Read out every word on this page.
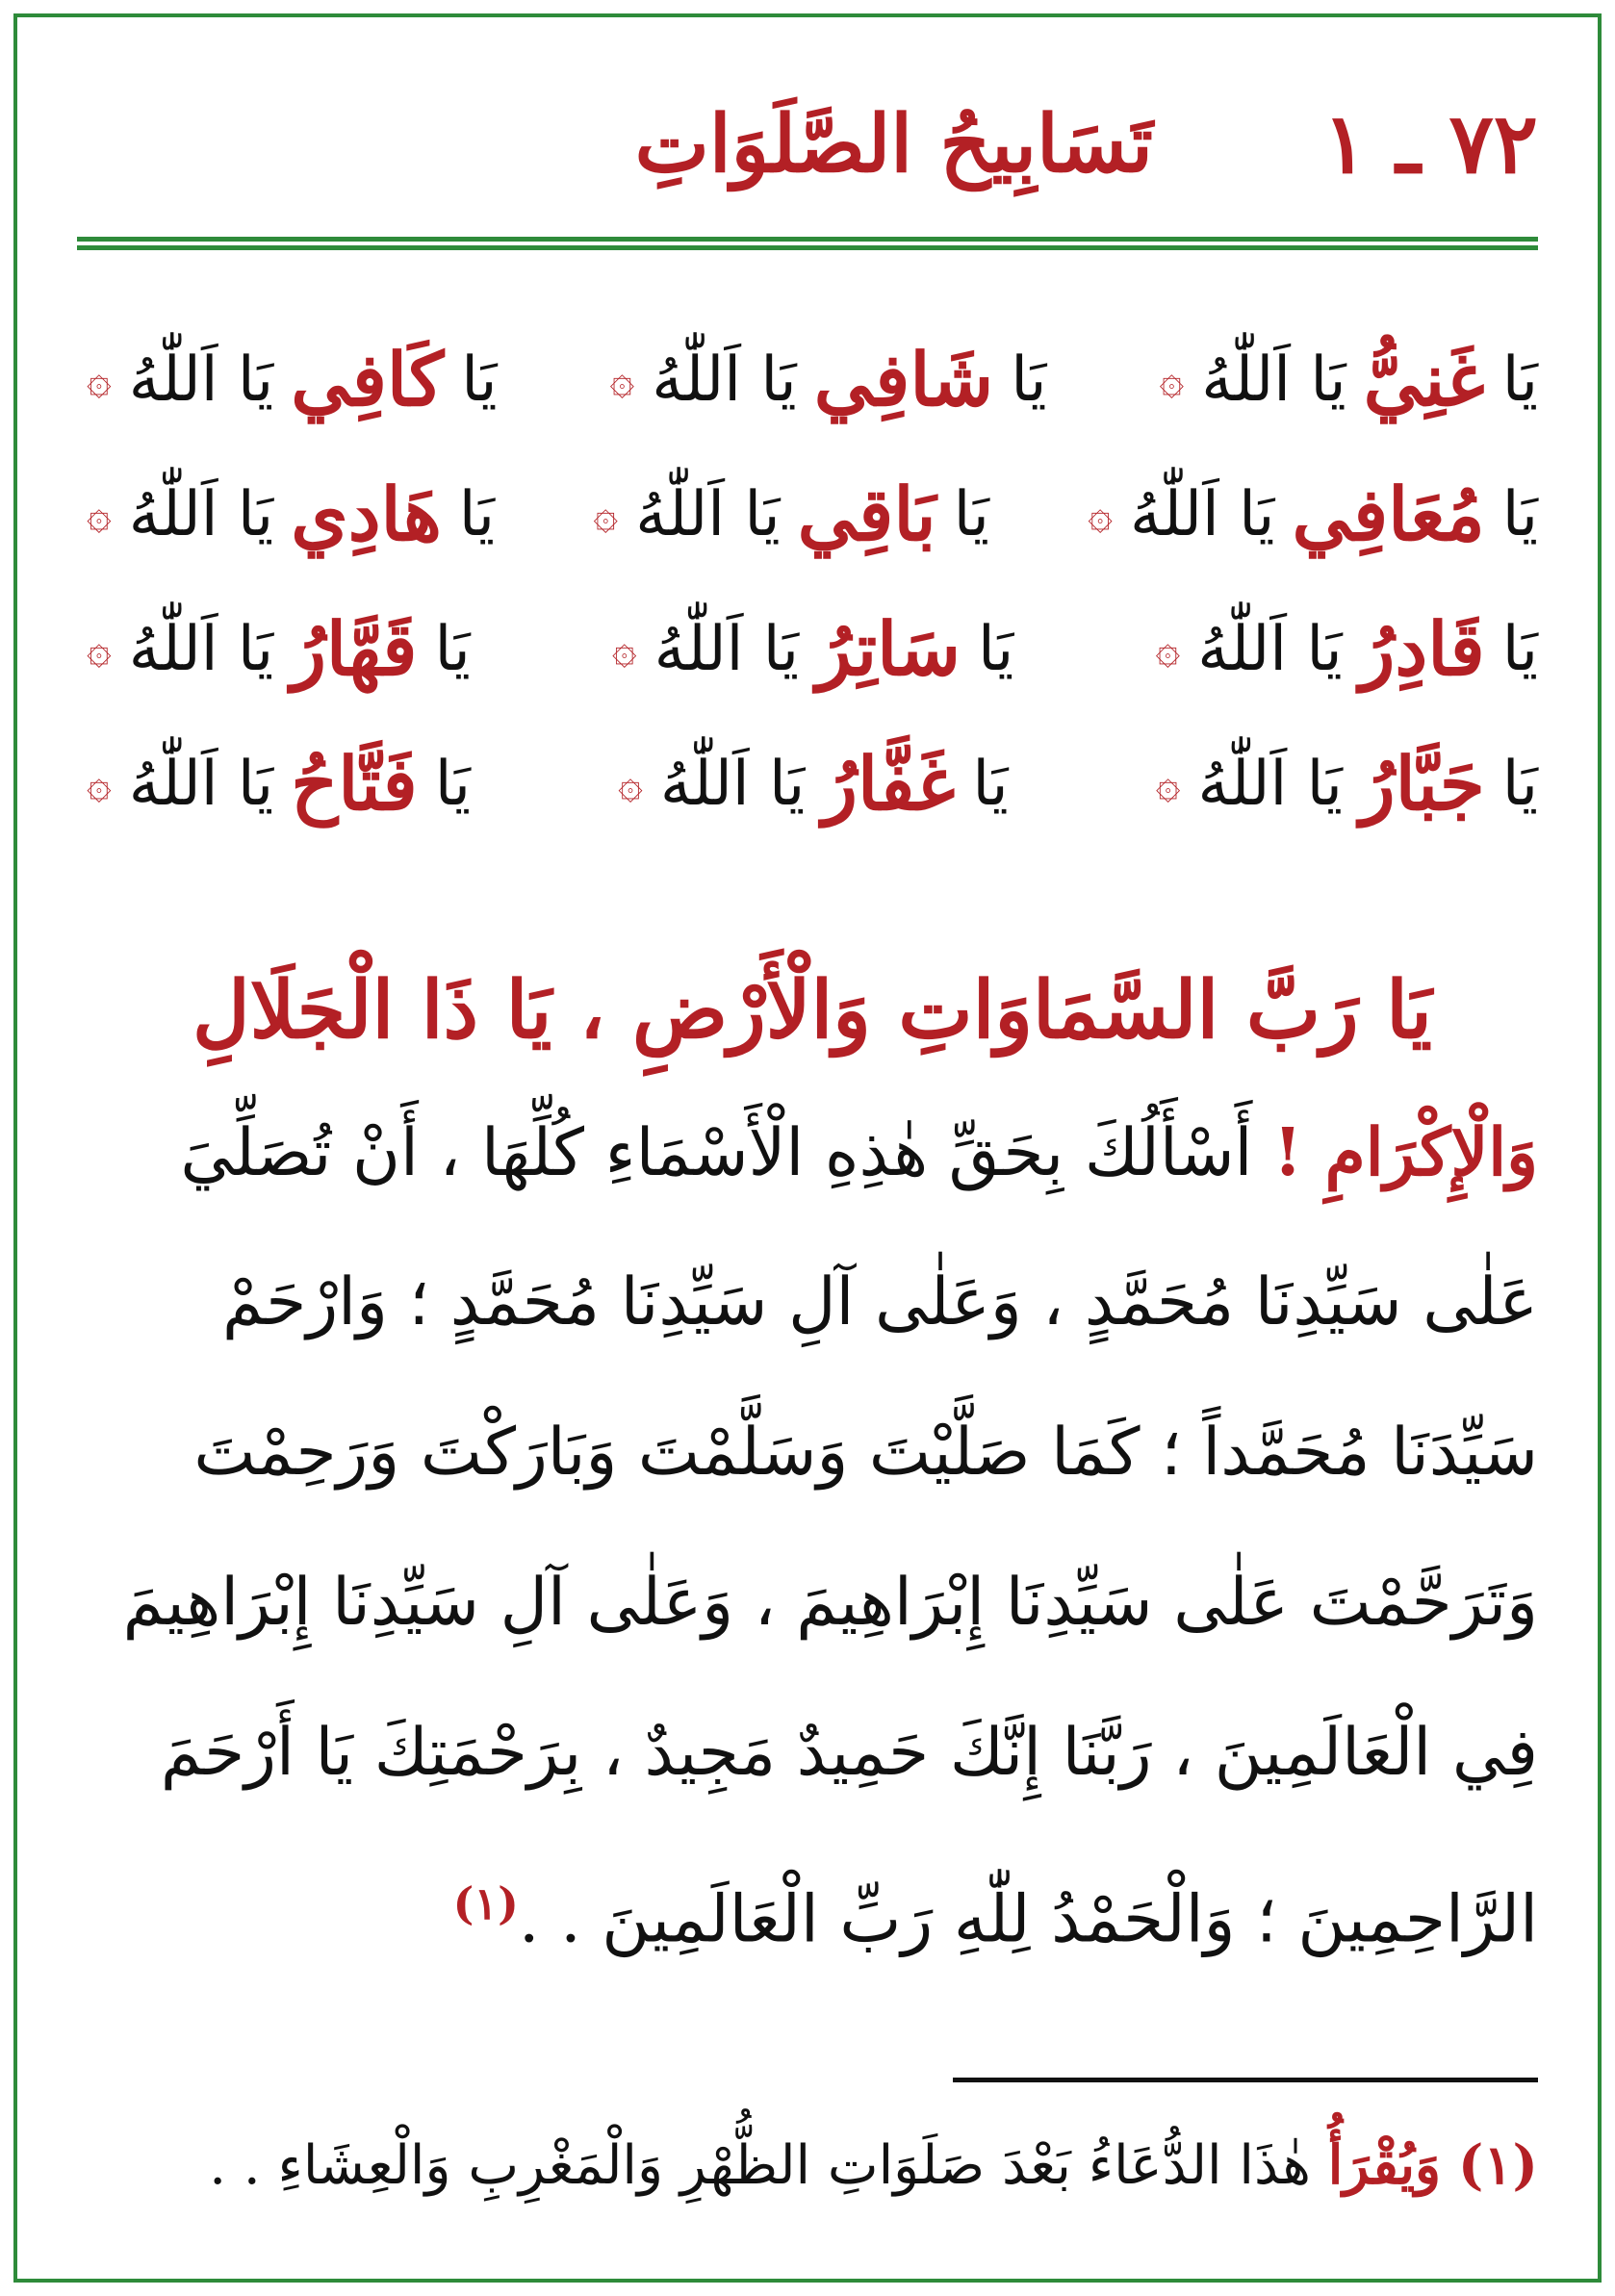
٧٢ ـ ١
تَسَابِيحُ الصَّلَوَاتِ
يَا
غَنِيُّ
يَا اَللّٰهُ
۞
يَا
شَافِي
يَا اَللّٰهُ
۞
يَا
كَافِي
يَا اَللّٰهُ
۞
يَا
مُعَافِي
يَا اَللّٰهُ
۞
يَا
بَاقِي
يَا اَللّٰهُ
۞
يَا
هَادِي
يَا اَللّٰهُ
۞
يَا
قَادِرُ
يَا اَللّٰهُ
۞
يَا
سَاتِرُ
يَا اَللّٰهُ
۞
يَا
قَهَّارُ
يَا اَللّٰهُ
۞
يَا
جَبَّارُ
يَا اَللّٰهُ
۞
يَا
غَفَّارُ
يَا اَللّٰهُ
۞
يَا
فَتَّاحُ
يَا اَللّٰهُ
۞
يَا رَبَّ السَّمَاوَاتِ وَالْأَرْضِ ، يَا ذَا الْجَلَالِ
وَالْإِكْرَامِ ! أَسْأَلُكَ بِحَقِّ هٰذِهِ الْأَسْمَاءِ كُلِّهَا ، أَنْ تُصَلِّيَ
عَلٰى سَيِّدِنَا مُحَمَّدٍ ، وَعَلٰى آلِ سَيِّدِنَا مُحَمَّدٍ ؛ وَارْحَمْ
سَيِّدَنَا مُحَمَّداً ؛ كَمَا صَلَّيْتَ وَسَلَّمْتَ وَبَارَكْتَ وَرَحِمْتَ
وَتَرَحَّمْتَ عَلٰى سَيِّدِنَا إِبْرَاهِيمَ ، وَعَلٰى آلِ سَيِّدِنَا إِبْرَاهِيمَ
فِي الْعَالَمِينَ ، رَبَّنَا إِنَّكَ حَمِيدٌ مَجِيدٌ ، بِرَحْمَتِكَ يَا أَرْحَمَ
الرَّاحِمِينَ ؛ وَالْحَمْدُ لِلّٰهِ رَبِّ الْعَالَمِينَ . .$^{(١)}$
(١) وَيُقْرَأُ هٰذَا الدُّعَاءُ بَعْدَ صَلَوَاتِ الظُّهْرِ وَالْمَغْرِبِ وَالْعِشَاءِ . .
